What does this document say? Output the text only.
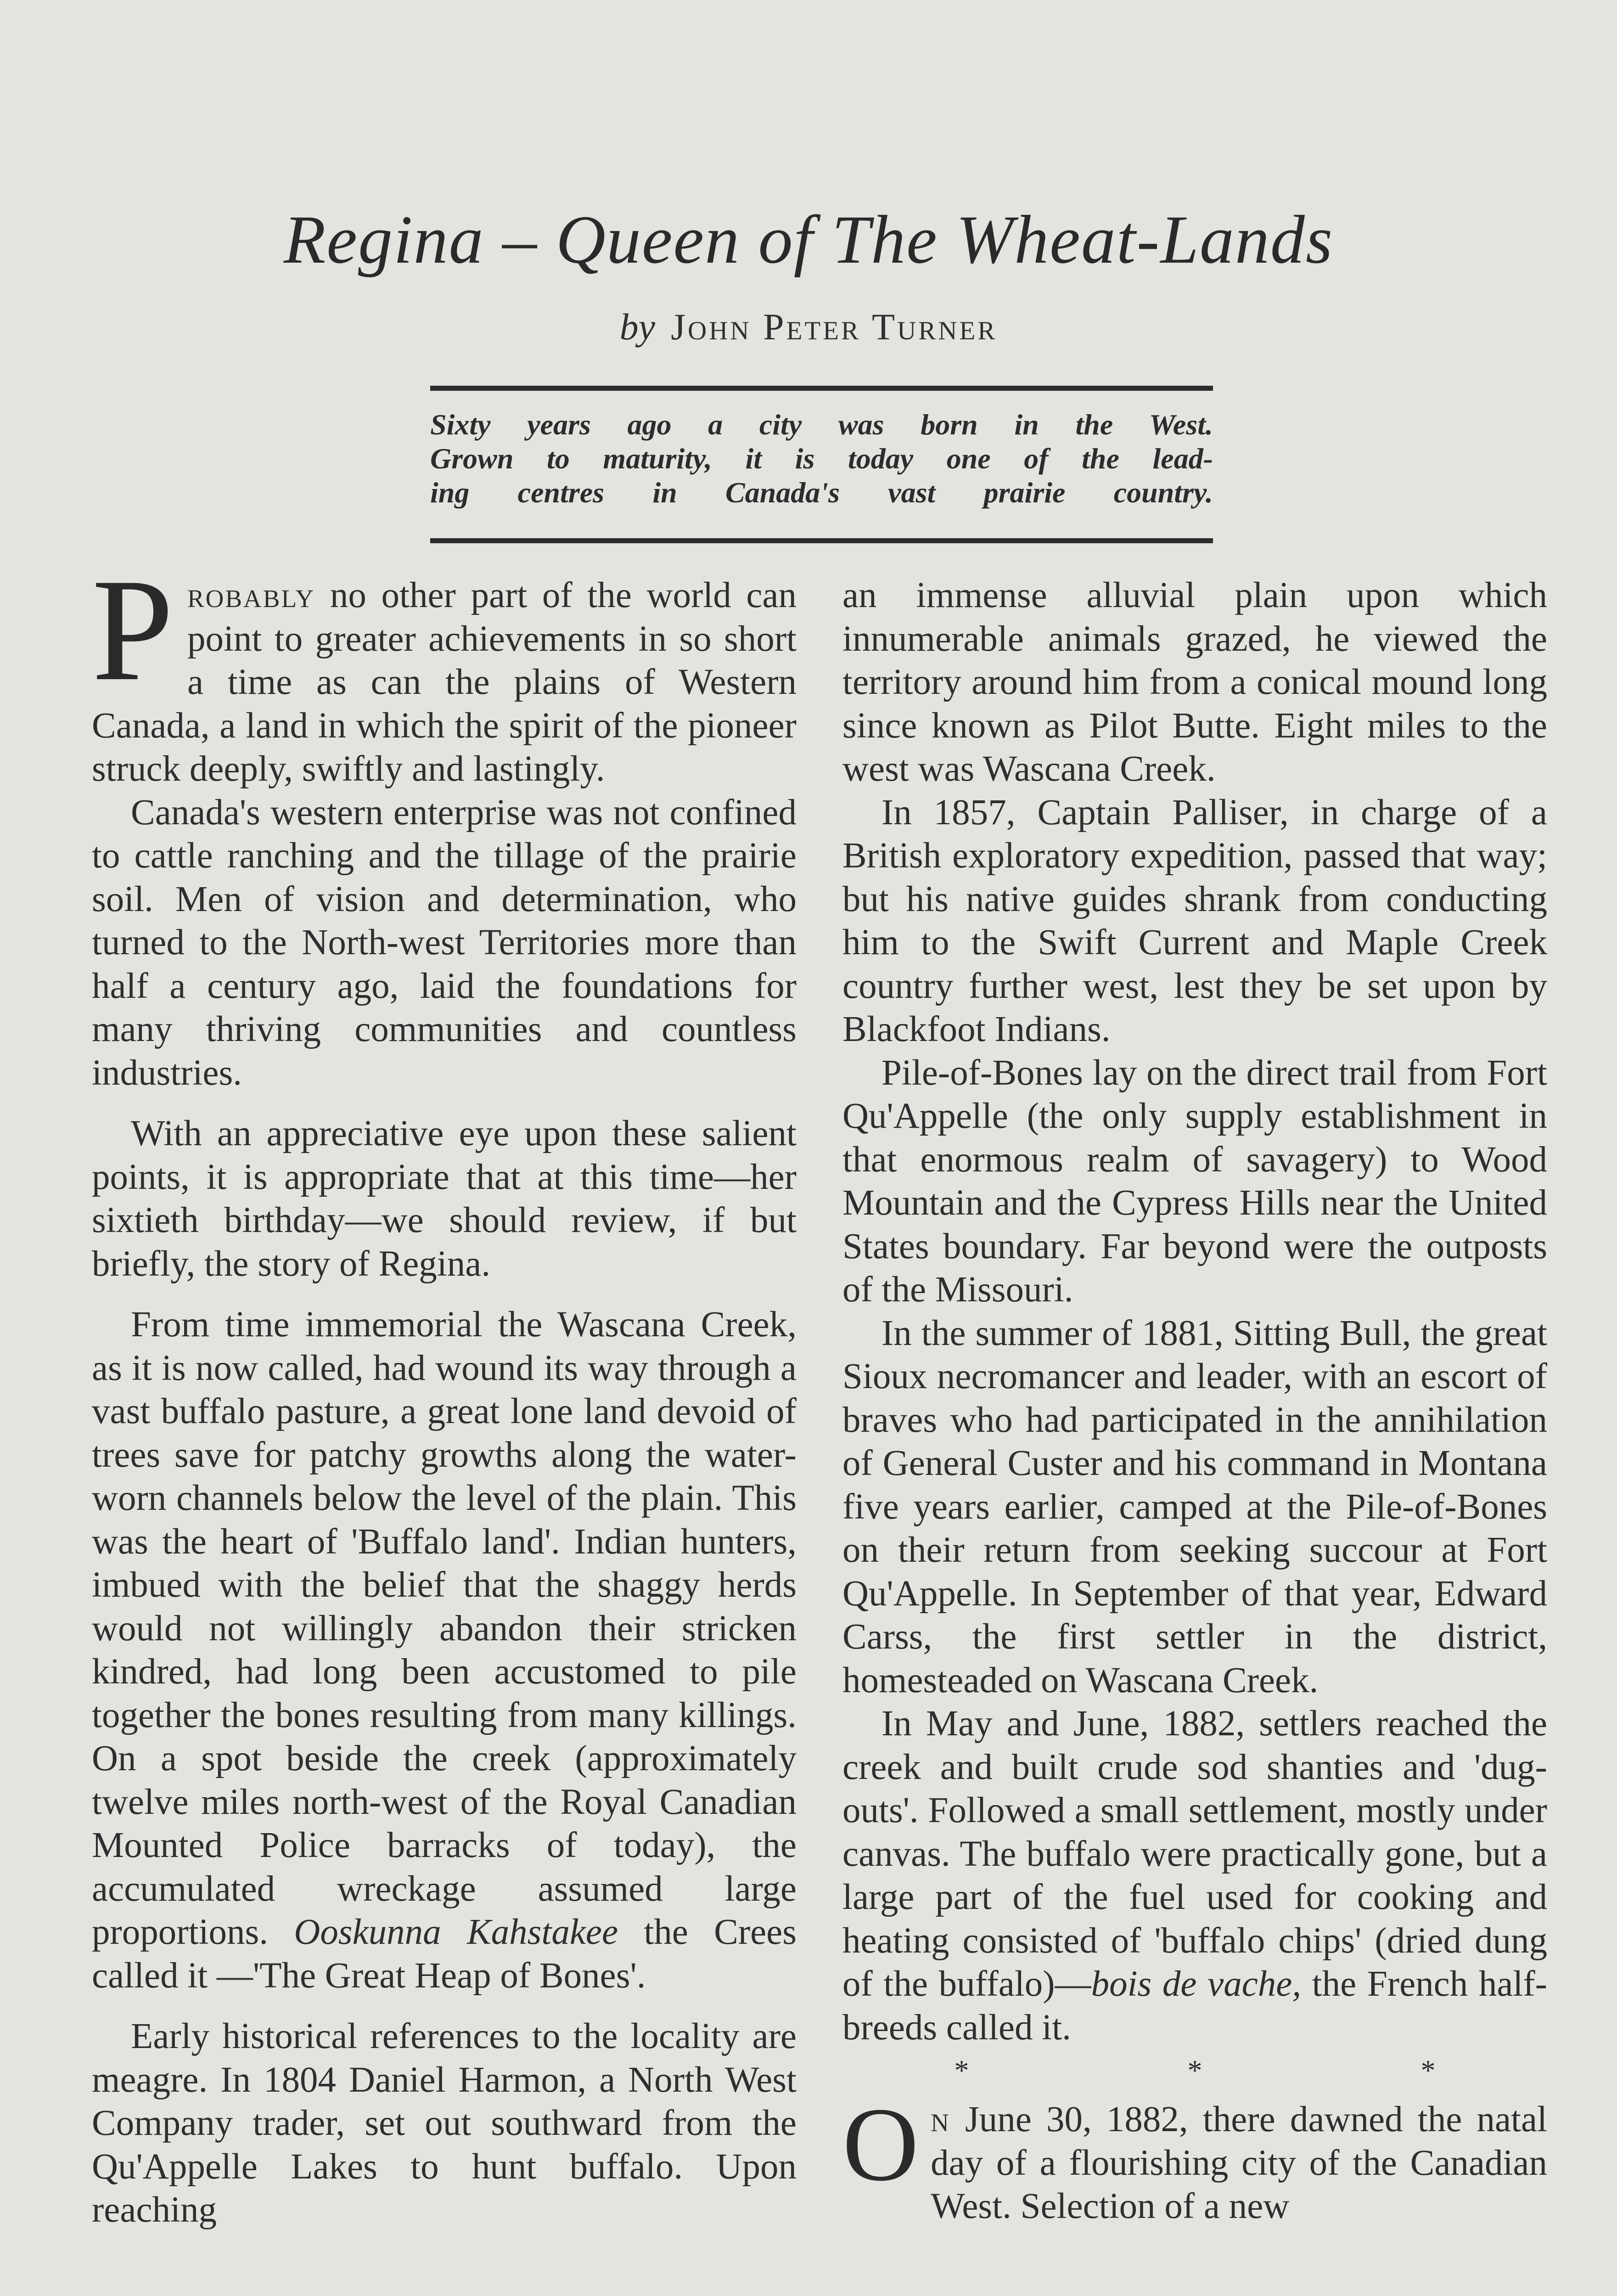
Regina – Queen of The Wheat-Lands
by John Peter Turner
Sixty years ago a city was born in the West.
Grown to maturity, it is today one of the lead-
ing centres in Canada's vast prairie country.

Probably no other part of the world can point to greater achievements in so short a time as can the plains of Western Canada, a land in which the spirit of the pioneer struck deeply, swiftly and lastingly.

Canada's western enterprise was not confined to cattle ranching and the tillage of the prairie soil. Men of vision and determination, who turned to the North-west Territories more than half a century ago, laid the foundations for many thriving communities and countless industries.

With an appreciative eye upon these salient points, it is appropriate that at this time—her sixtieth birthday—we should review, if but briefly, the story of Regina.

From time immemorial the Wascana Creek, as it is now called, had wound its way through a vast buffalo pasture, a great lone land devoid of trees save for patchy growths along the water-worn channels below the level of the plain. This was the heart of 'Buffalo land'. Indian hunters, imbued with the belief that the shaggy herds would not willingly abandon their stricken kindred, had long been accustomed to pile together the bones resulting from many killings. On a spot beside the creek (approximately twelve miles north-west of the Royal Canadian Mounted Police barracks of today), the accumulated wreckage assumed large proportions. Ooskunna Kahstakee the Crees called it —'The Great Heap of Bones'.

Early historical references to the locality are meagre. In 1804 Daniel Harmon, a North West Company trader, set out southward from the Qu'Appelle Lakes to hunt buffalo. Upon reaching

an immense alluvial plain upon which innumerable animals grazed, he viewed the territory around him from a conical mound long since known as Pilot Butte. Eight miles to the west was Wascana Creek.

In 1857, Captain Palliser, in charge of a British exploratory expedition, passed that way; but his native guides shrank from conducting him to the Swift Current and Maple Creek country further west, lest they be set upon by Blackfoot Indians.

Pile-of-Bones lay on the direct trail from Fort Qu'Appelle (the only supply establishment in that enormous realm of savagery) to Wood Mountain and the Cypress Hills near the United States boundary. Far beyond were the outposts of the Missouri.

In the summer of 1881, Sitting Bull, the great Sioux necromancer and leader, with an escort of braves who had participated in the annihilation of General Custer and his command in Montana five years earlier, camped at the Pile-of-Bones on their return from seeking succour at Fort Qu'Appelle. In September of that year, Edward Carss, the first settler in the district, homesteaded on Wascana Creek.

In May and June, 1882, settlers reached the creek and built crude sod shanties and 'dug-outs'. Followed a small settlement, mostly under canvas. The buffalo were practically gone, but a large part of the fuel used for cooking and heating consisted of 'buffalo chips' (dried dung of the buffalo)—bois de vache, the French half-breeds called it.

* * *

On June 30, 1882, there dawned the natal day of a flourishing city of the Canadian West. Selection of a new
